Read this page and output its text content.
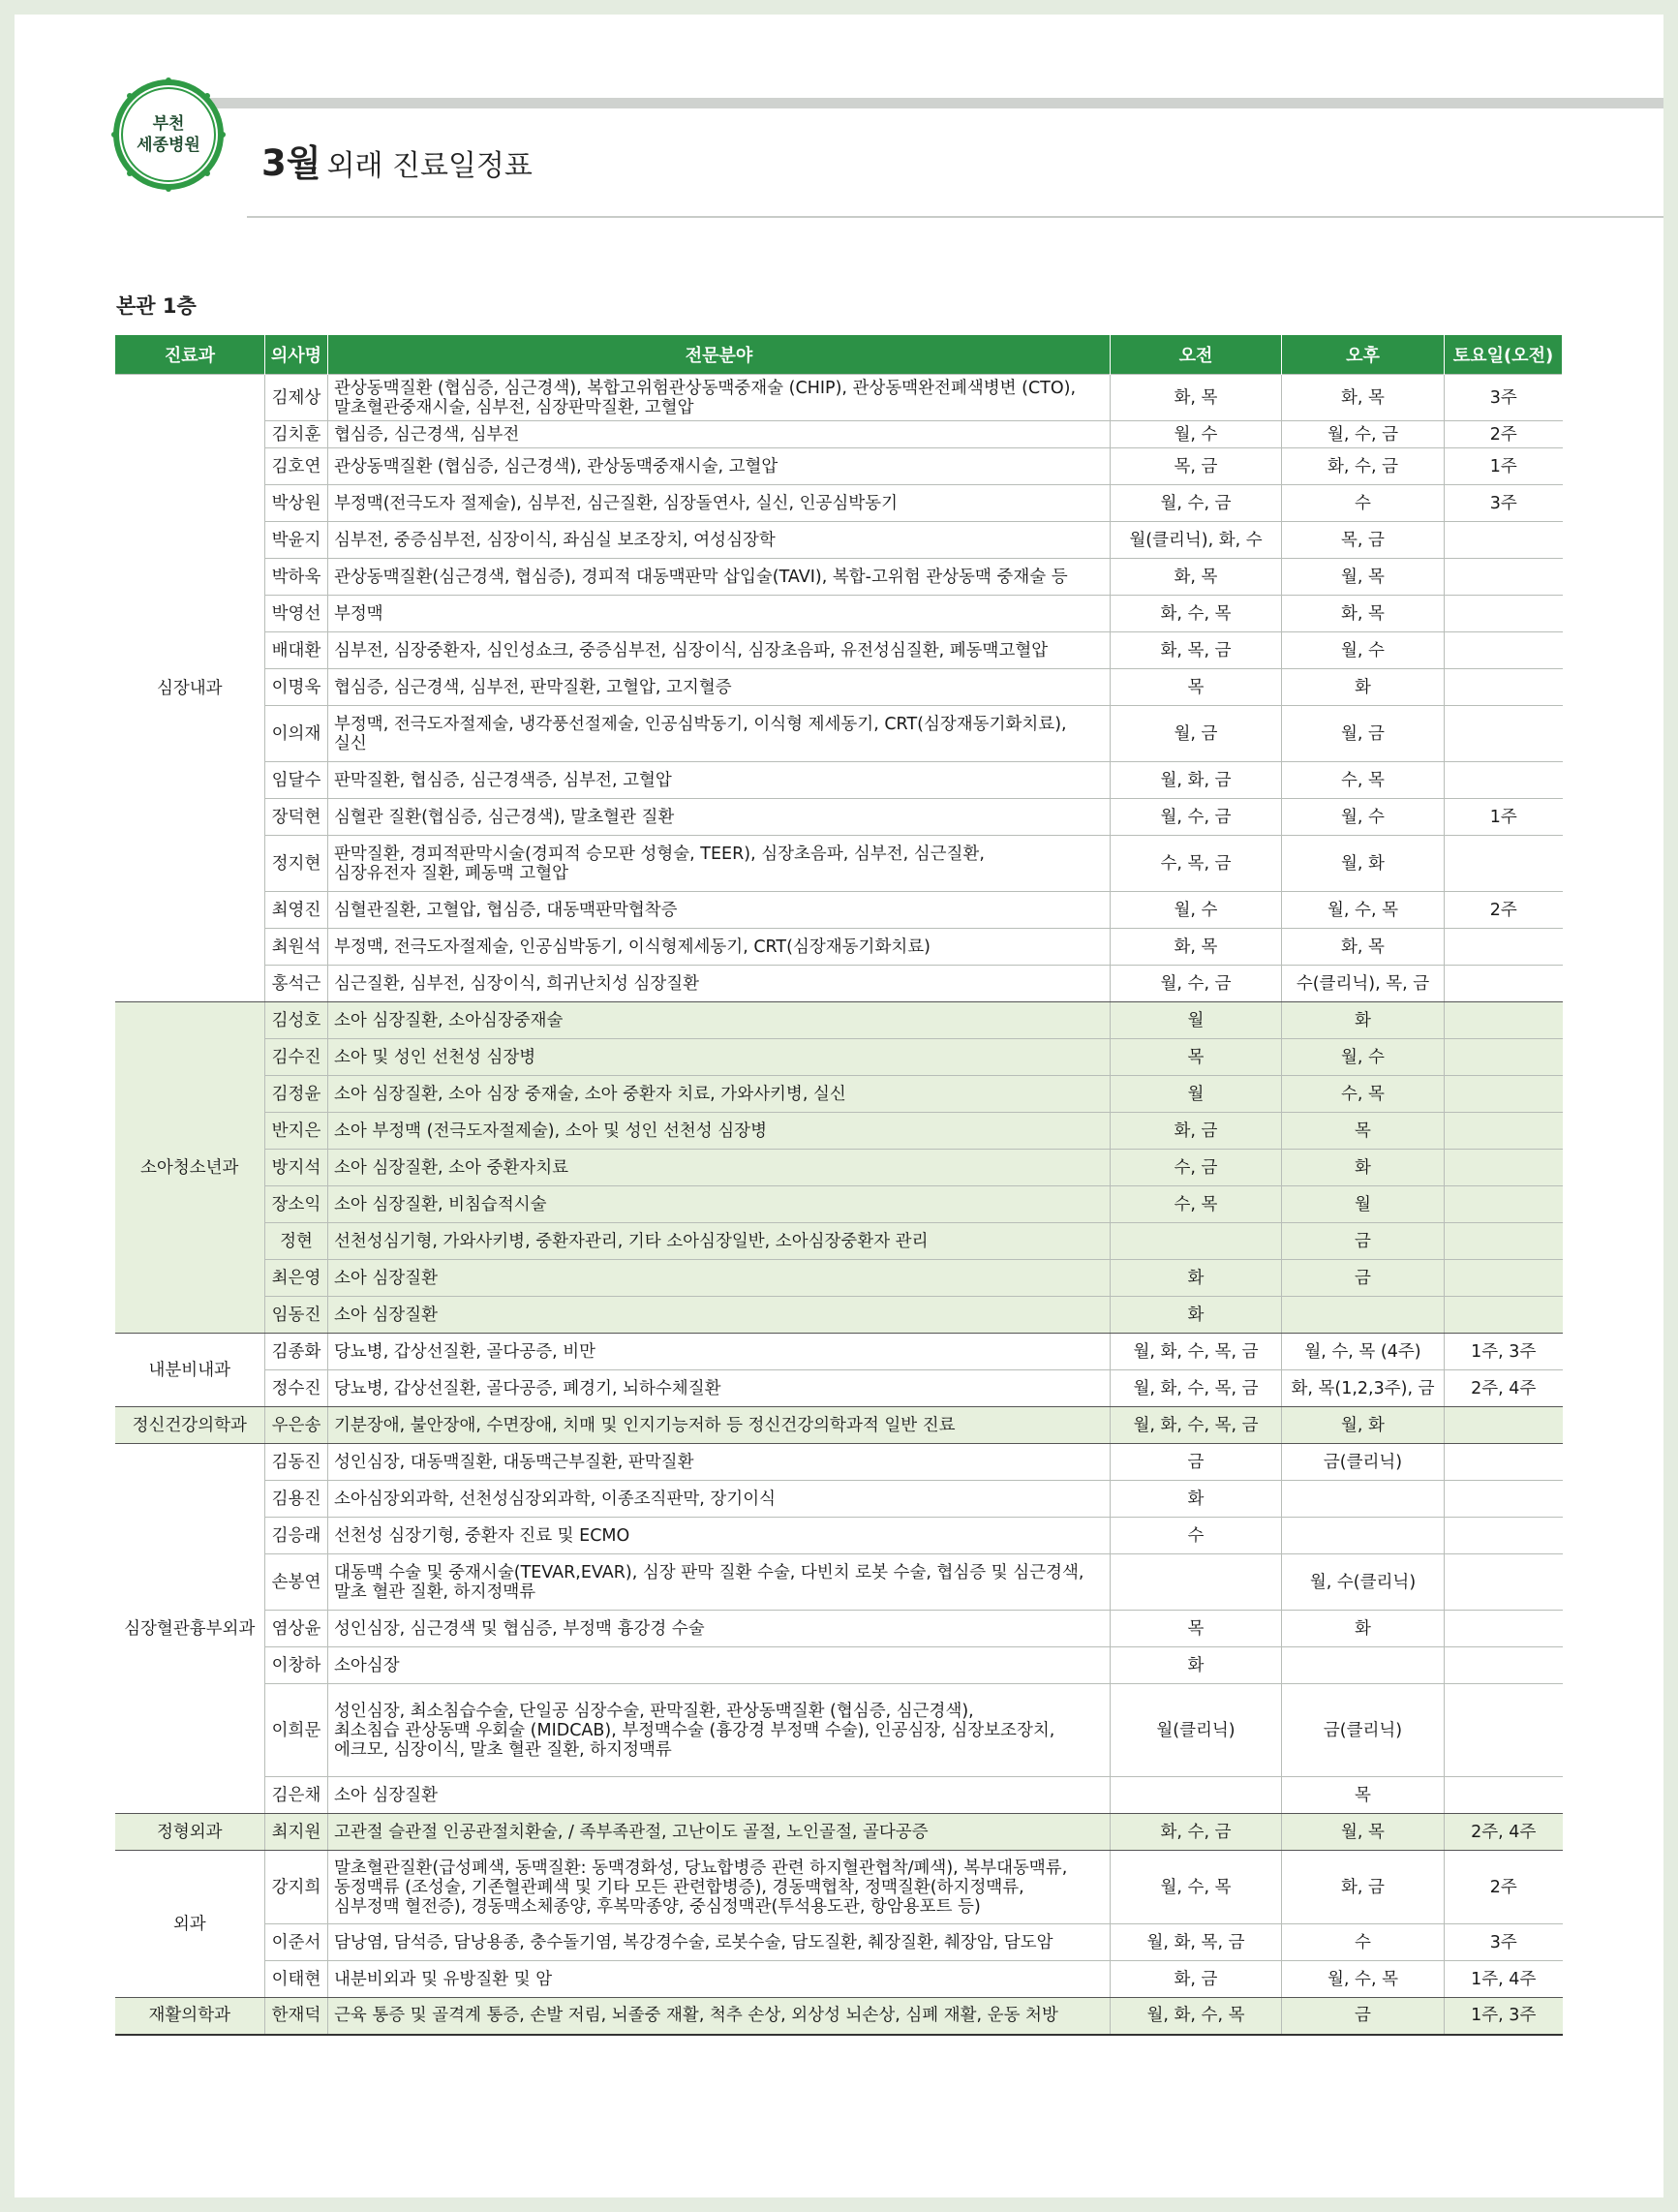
부천
세종병원 3월 외래 진료일정표
본관 1층
진료과	의사명	전문분야	오전	오후	토요일(오전)
심장내과	김제상	관상동맥질환 (협심증, 심근경색), 복합고위험관상동맥중재술 (CHIP), 관상동맥완전폐색병변 (CTO),
말초혈관중재시술, 심부전, 심장판막질환, 고혈압	화, 목	화, 목	3주
	김치훈	협심증, 심근경색, 심부전	월, 수	월, 수, 금	2주
	김호연	관상동맥질환 (협심증, 심근경색), 관상동맥중재시술, 고혈압	목, 금	화, 수, 금	1주
	박상원	부정맥(전극도자 절제술), 심부전, 심근질환, 심장돌연사, 실신, 인공심박동기	월, 수, 금	수	3주
	박윤지	심부전, 중증심부전, 심장이식, 좌심실 보조장치, 여성심장학	월(클리닉), 화, 수	목, 금	
	박하욱	관상동맥질환(심근경색, 협심증), 경피적 대동맥판막 삽입술(TAVI), 복합-고위험 관상동맥 중재술 등	화, 목	월, 목	
	박영선	부정맥	화, 수, 목	화, 목	
	배대환	심부전, 심장중환자, 심인성쇼크, 중증심부전, 심장이식, 심장초음파, 유전성심질환, 폐동맥고혈압	화, 목, 금	월, 수	
	이명욱	협심증, 심근경색, 심부전, 판막질환, 고혈압, 고지혈증	목	화	
	이의재	부정맥, 전극도자절제술, 냉각풍선절제술, 인공심박동기, 이식형 제세동기, CRT(심장재동기화치료),
실신	월, 금	월, 금	
	임달수	판막질환, 협심증, 심근경색증, 심부전, 고혈압	월, 화, 금	수, 목	
	장덕현	심혈관 질환(협심증, 심근경색), 말초혈관 질환	월, 수, 금	월, 수	1주
	정지현	판막질환, 경피적판막시술(경피적 승모판 성형술, TEER), 심장초음파, 심부전, 심근질환,
심장유전자 질환, 폐동맥 고혈압	수, 목, 금	월, 화	
	최영진	심혈관질환, 고혈압, 협심증, 대동맥판막협착증	월, 수	월, 수, 목	2주
	최원석	부정맥, 전극도자절제술, 인공심박동기, 이식형제세동기, CRT(심장재동기화치료)	화, 목	화, 목	
	홍석근	심근질환, 심부전, 심장이식, 희귀난치성 심장질환	월, 수, 금	수(클리닉), 목, 금	
소아청소년과	김성호	소아 심장질환, 소아심장중재술	월	화	
	김수진	소아 및 성인 선천성 심장병	목	월, 수	
	김정윤	소아 심장질환, 소아 심장 중재술, 소아 중환자 치료, 가와사키병, 실신	월	수, 목	
	반지은	소아 부정맥 (전극도자절제술), 소아 및 성인 선천성 심장병	화, 금	목	
	방지석	소아 심장질환, 소아 중환자치료	수, 금	화	
	장소익	소아 심장질환, 비침습적시술	수, 목	월	
	정현	선천성심기형, 가와사키병, 중환자관리, 기타 소아심장일반, 소아심장중환자 관리		금	
	최은영	소아 심장질환	화	금	
	임동진	소아 심장질환	화		
내분비내과	김종화	당뇨병, 갑상선질환, 골다공증, 비만	월, 화, 수, 목, 금	월, 수, 목 (4주)	1주, 3주
	정수진	당뇨병, 갑상선질환, 골다공증, 폐경기, 뇌하수체질환	월, 화, 수, 목, 금	화, 목(1,2,3주), 금	2주, 4주
정신건강의학과	우은송	기분장애, 불안장애, 수면장애, 치매 및 인지기능저하 등 정신건강의학과적 일반 진료	월, 화, 수, 목, 금	월, 화	
심장혈관흉부외과	김동진	성인심장, 대동맥질환, 대동맥근부질환, 판막질환	금	금(클리닉)	
	김용진	소아심장외과학, 선천성심장외과학, 이종조직판막, 장기이식	화		
	김응래	선천성 심장기형, 중환자 진료 및 ECMO	수		
	손봉연	대동맥 수술 및 중재시술(TEVAR,EVAR), 심장 판막 질환 수술, 다빈치 로봇 수술, 협심증 및 심근경색,
말초 혈관 질환, 하지정맥류		월, 수(클리닉)	
	염상윤	성인심장, 심근경색 및 협심증, 부정맥 흉강경 수술	목	화	
	이창하	소아심장	화		
	이희문	성인심장, 최소침습수술, 단일공 심장수술, 판막질환, 관상동맥질환 (협심증, 심근경색),
최소침습 관상동맥 우회술 (MIDCAB), 부정맥수술 (흉강경 부정맥 수술), 인공심장, 심장보조장치,
에크모, 심장이식, 말초 혈관 질환, 하지정맥류	월(클리닉)	금(클리닉)	
	김은채	소아 심장질환		목	
정형외과	최지원	고관절 슬관절 인공관절치환술, / 족부족관절, 고난이도 골절, 노인골절, 골다공증	화, 수, 금	월, 목	2주, 4주
외과	강지희	말초혈관질환(급성폐색, 동맥질환: 동맥경화성, 당뇨합병증 관련 하지혈관협착/폐색), 복부대동맥류,
동정맥류 (조성술, 기존혈관폐색 및 기타 모든 관련합병증), 경동맥협착, 정맥질환(하지정맥류,
심부정맥 혈전증), 경동맥소체종양, 후복막종양, 중심정맥관(투석용도관, 항암용포트 등)	월, 수, 목	화, 금	2주
	이준서	담낭염, 담석증, 담낭용종, 충수돌기염, 복강경수술, 로봇수술, 담도질환, 췌장질환, 췌장암, 담도암	월, 화, 목, 금	수	3주
	이태현	내분비외과 및 유방질환 및 암	화, 금	월, 수, 목	1주, 4주
재활의학과	한재덕	근육 통증 및 골격계 통증, 손발 저림, 뇌졸중 재활, 척추 손상, 외상성 뇌손상, 심폐 재활, 운동 처방	월, 화, 수, 목	금	1주, 3주
